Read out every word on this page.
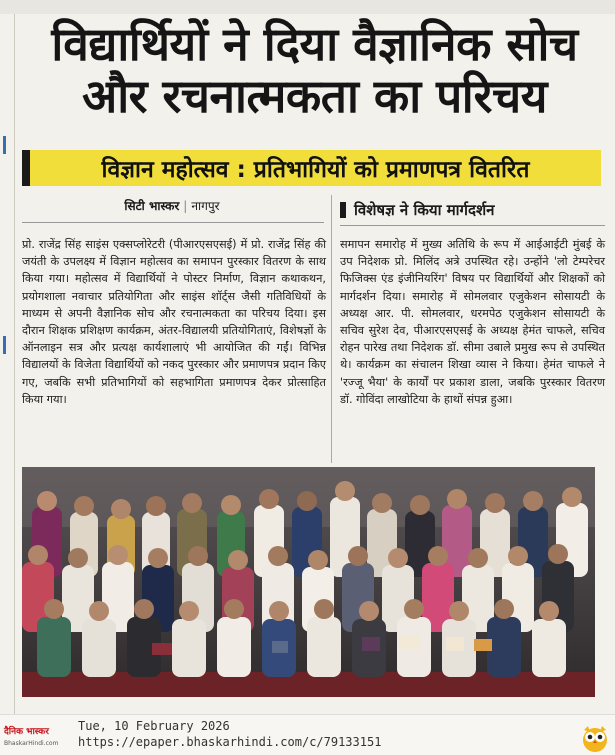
विद्यार्थियों ने दिया वैज्ञानिक सोच
और रचनात्मकता का परिचय
विज्ञान महोत्सव : प्रतिभागियों को प्रमाणपत्र वितरित
सिटी भास्कर | नागपुर	विशेषज्ञ ने किया मार्गदर्शन

प्रो. राजेंद्र सिंह साइंस एक्सप्लोरेटरी (पीआरएसएसई) में प्रो. राजेंद्र सिंह की जयंती के उपलक्ष्य में विज्ञान महोत्सव का समापन पुरस्कार वितरण के साथ किया गया। महोत्सव में विद्यार्थियों ने पोस्टर निर्माण, विज्ञान कथाकथन, प्रयोगशाला नवाचार प्रतियोगिता और साइंस शॉर्ट्स जैसी गतिविधियों के माध्यम से अपनी वैज्ञानिक सोच और रचनात्मकता का परिचय दिया। इस दौरान शिक्षक प्रशिक्षण कार्यक्रम, अंतर-विद्यालयी प्रतियोगिताएं, विशेषज्ञों के ऑनलाइन सत्र और प्रत्यक्ष कार्यशालाएं भी आयोजित की गईं। विभिन्न विद्यालयों के विजेता विद्यार्थियों को नकद पुरस्कार और प्रमाणपत्र प्रदान किए गए, जबकि सभी प्रतिभागियों को सहभागिता प्रमाणपत्र देकर प्रोत्साहित किया गया।

समापन समारोह में मुख्य अतिथि के रूप में आईआईटी मुंबई के उप निदेशक प्रो. मिलिंद अत्रे उपस्थित रहे। उन्होंने 'लो टेम्परेचर फिजिक्स एंड इंजीनियरिंग' विषय पर विद्यार्थियों और शिक्षकों को मार्गदर्शन दिया। समारोह में सोमलवार एजुकेशन सोसायटी के अध्यक्ष आर. पी. सोमलवार, धरमपेठ एजुकेशन सोसायटी के सचिव सुरेश देव, पीआरएसएसई के अध्यक्ष हेमंत चाफले, सचिव रोहन पारेख तथा निदेशक डॉ. सीमा उबाले प्रमुख रूप से उपस्थित थे। कार्यक्रम का संचालन शिखा व्यास ने किया। हेमंत चाफले ने 'रज्जू भैया' के कार्यों पर प्रकाश डाला, जबकि पुरस्कार वितरण डॉ. गोविंदा लाखोटिया के हाथों संपन्न हुआ।

दैनिक भास्कर
BhaskarHindi.com
Tue, 10 February 2026
https://epaper.bhaskarhindi.com/c/79133151
